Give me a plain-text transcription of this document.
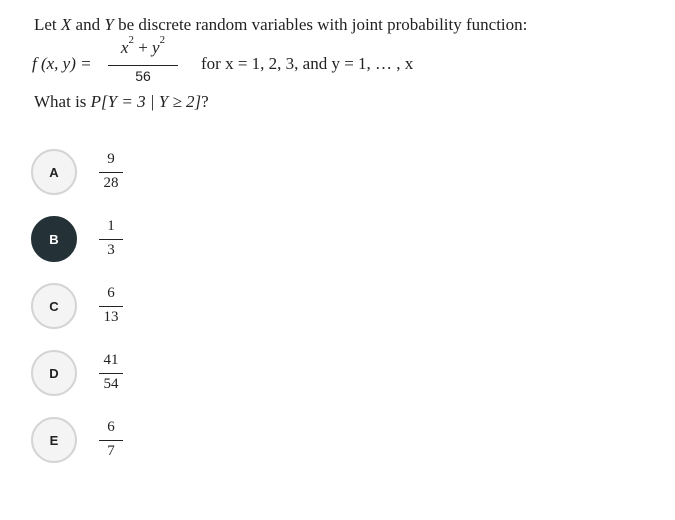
Let X and Y be discrete random variables with joint probability function:
f (x, y) =
$x^2 + y^2$
56
for x = 1, 2, 3, and y = 1, … , x
What is P[Y = 3 | Y ≥ 2]?
A
9
28
B
1
3
C
6
13
D
41
54
E
6
7
